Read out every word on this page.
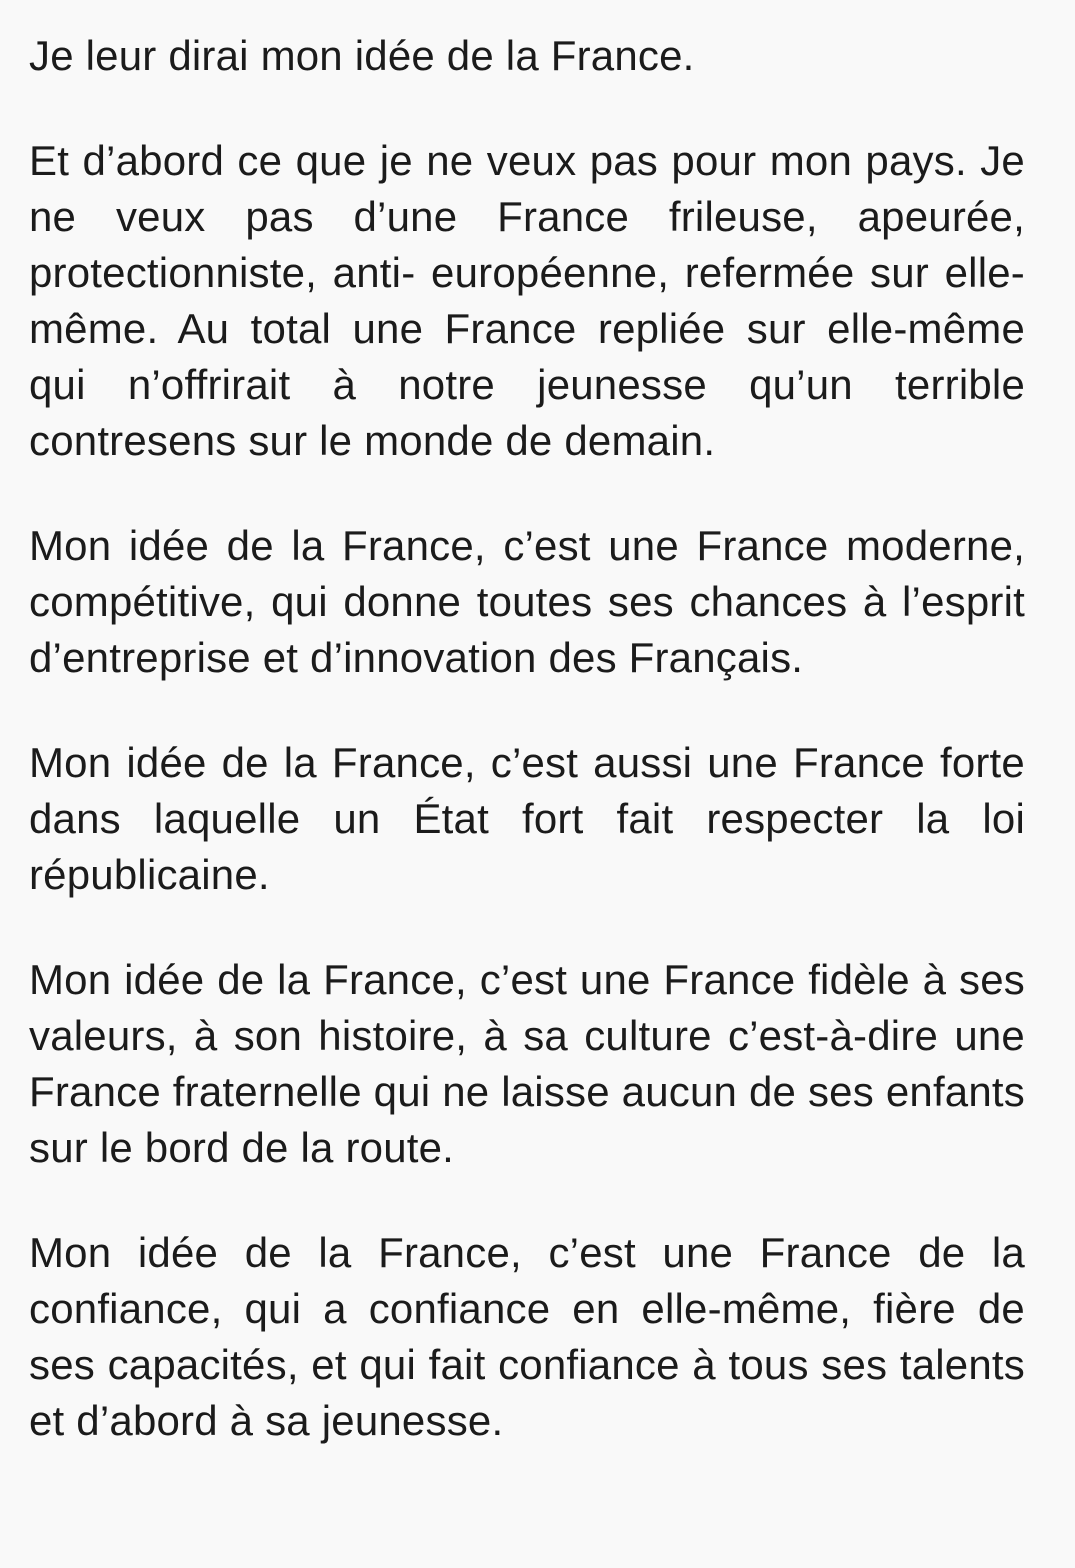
Je leur dirai mon idée de la France.

Et d’abord ce que je ne veux pas pour mon pays. Je ne veux pas d’une France frileuse, apeurée, protectionniste, anti- européenne, refermée sur elle-même. Au total une France repliée sur elle-même qui n’offrirait à notre jeunesse qu’un terrible contresens sur le monde de demain.

Mon idée de la France, c’est une France moderne, compétitive, qui donne toutes ses chances à l’esprit d’entreprise et d’innovation des Français.

Mon idée de la France, c’est aussi une France forte dans laquelle un État fort fait respecter la loi républicaine.

Mon idée de la France, c’est une France fidèle à ses valeurs, à son histoire, à sa culture c’est-à-dire une France fraternelle qui ne laisse aucun de ses enfants sur le bord de la route.

Mon idée de la France, c’est une France de la confiance, qui a confiance en elle-même, fière de ses capacités, et qui fait confiance à tous ses talents et d’abord à sa jeunesse.
